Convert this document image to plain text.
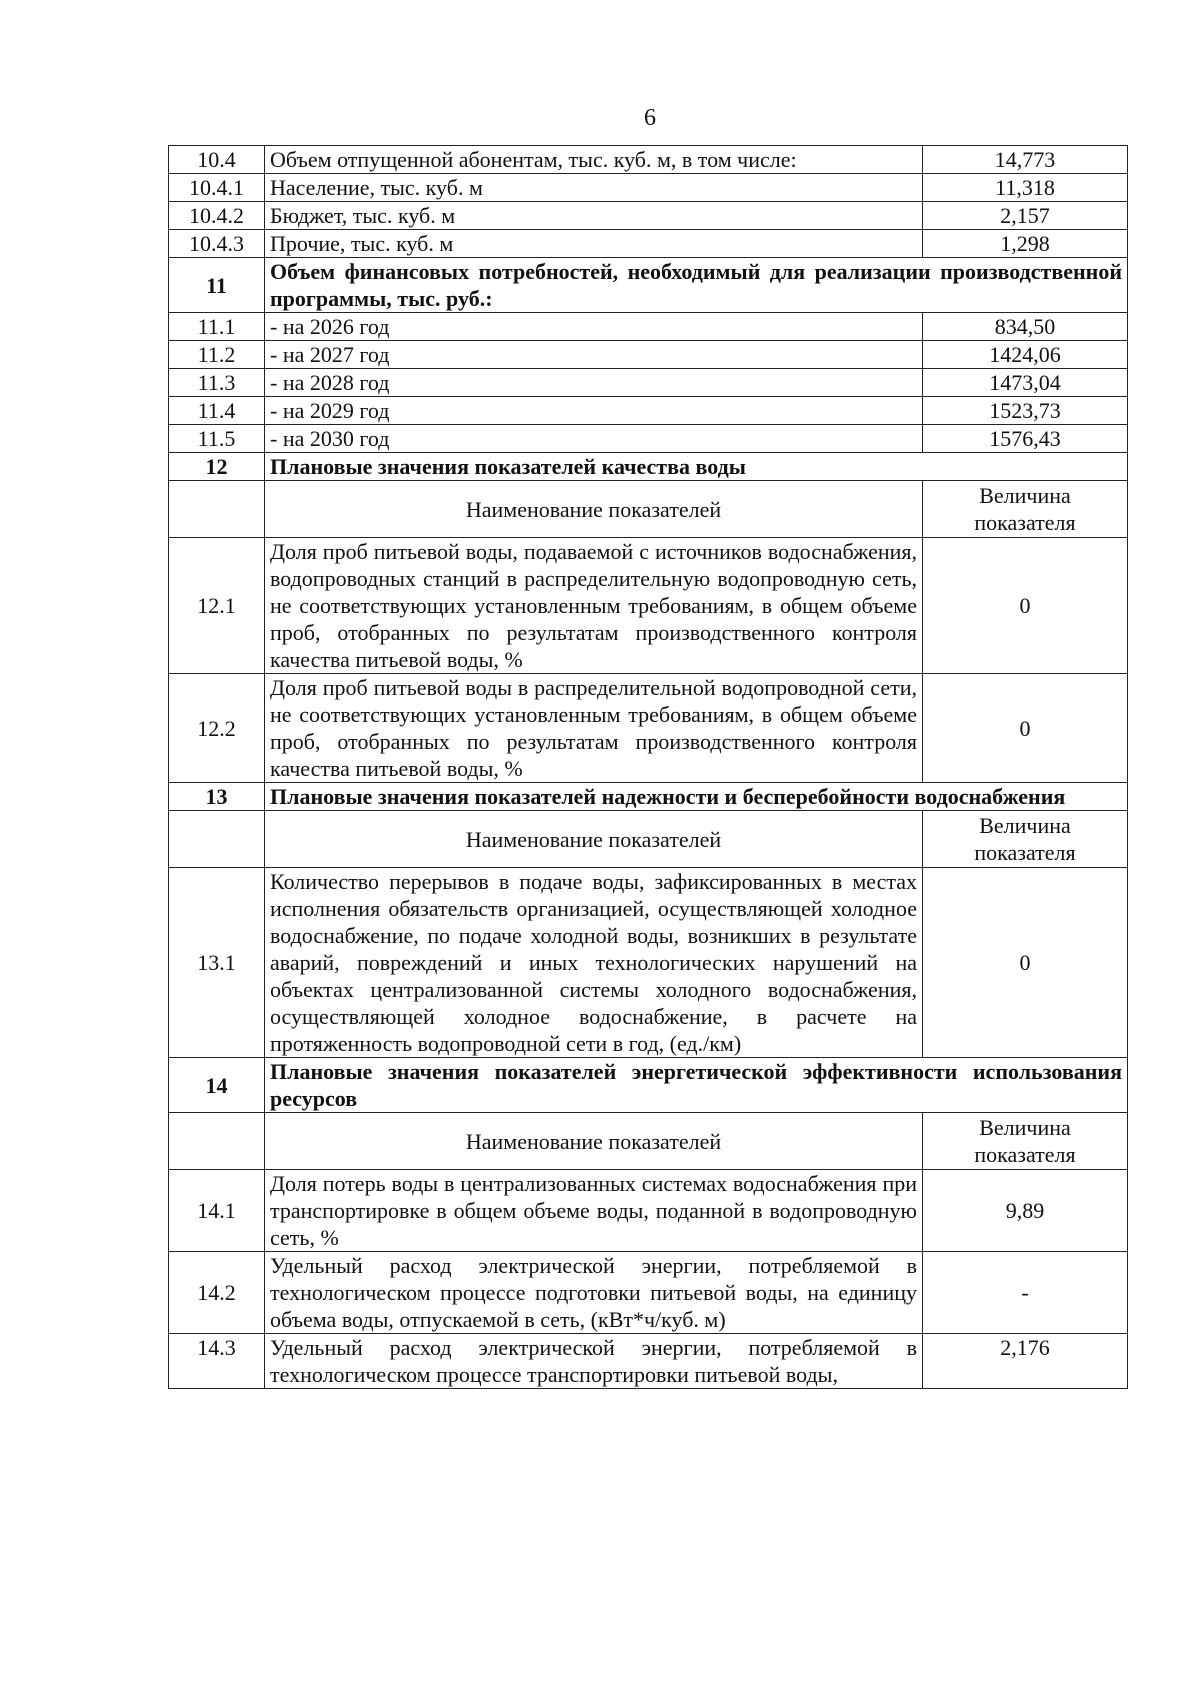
6
10.4	Объем отпущенной абонентам, тыс. куб. м, в том числе:	14,773
10.4.1	Население, тыс. куб. м	11,318
10.4.2	Бюджет, тыс. куб. м	2,157
10.4.3	Прочие, тыс. куб. м	1,298
11	Объем финансовых потребностей, необходимый для реализации производственной программы, тыс. руб.:	
11.1	- на 2026 год	834,50
11.2	- на 2027 год	1424,06
11.3	- на 2028 год	1473,04
11.4	- на 2029 год	1523,73
11.5	- на 2030 год	1576,43
12	Плановые значения показателей качества воды	
	Наименование показателей	Величина показателя
12.1	Доля проб питьевой воды, подаваемой с источников водоснабжения, водопроводных станций в распределительную водопроводную сеть, не соответствующих установленным требованиям, в общем объеме проб, отобранных по результатам производственного контроля качества питьевой воды, %	0
12.2	Доля проб питьевой воды в распределительной водопроводной сети, не соответствующих установленным требованиям, в общем объеме проб, отобранных по результатам производственного контроля качества питьевой воды, %	0
13	Плановые значения показателей надежности и бесперебойности водоснабжения	
	Наименование показателей	Величина показателя
13.1	Количество перерывов в подаче воды, зафиксированных в местах исполнения обязательств организацией, осуществляющей холодное водоснабжение, по подаче холодной воды, возникших в результате аварий, повреждений и иных технологических нарушений на объектах централизованной системы холодного водоснабжения, осуществляющей холодное водоснабжение, в расчете на протяженность водопроводной сети в год, (ед./км)	0
14	Плановые значения показателей энергетической эффективности использования ресурсов	
	Наименование показателей	Величина показателя
14.1	Доля потерь воды в централизованных системах водоснабжения при транспортировке в общем объеме воды, поданной в водопроводную сеть, %	9,89
14.2	Удельный расход электрической энергии, потребляемой в технологическом процессе подготовки питьевой воды, на единицу объема воды, отпускаемой в сеть, (кВт*ч/куб. м)	-
14.3	Удельный расход электрической энергии, потребляемой в технологическом процессе транспортировки питьевой воды,	2,176
